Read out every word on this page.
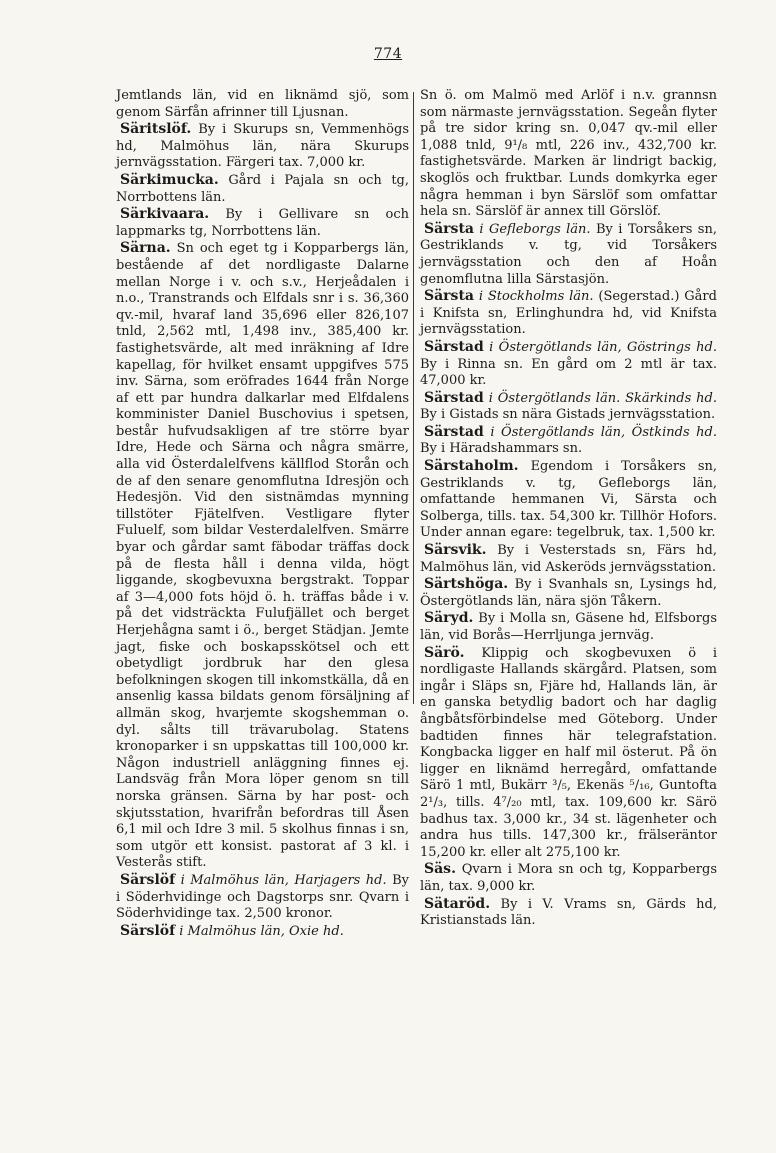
774

Jemtlands län, vid en liknämd sjö, som genom Särfån afrinner till Ljusnan.

Säritslöf. By i Skurups sn, Vemmenhögs hd, Malmöhus län, nära Skurups jernvägsstation. Färgeri tax. 7,000 kr.

Särkimucka. Gård i Pajala sn och tg, Norrbottens län.

Särkivaara. By i Gellivare sn och lappmarks tg, Norrbottens län.

Särna. Sn och eget tg i Kopparbergs län, bestående af det nordligaste Dalarne mellan Norge i v. och s.v., Herjeådalen i n.o., Transtrands och Elfdals snr i s. 36,360 qv.-mil, hvaraf land 35,696 eller 826,107 tnld, 2,562 mtl, 1,498 inv., 385,400 kr. fastighetsvärde, alt med inräkning af Idre kapellag, för hvilket ensamt uppgifves 575 inv. Särna, som eröfrades 1644 från Norge af ett par hundra dalkarlar med Elfdalens komminister Daniel Buschovius i spetsen, består hufvudsakligen af tre större byar Idre, Hede och Särna och några smärre, alla vid Österdalelfvens källflod Storån och de af den senare genomflutna Idresjön och Hedesjön. Vid den sistnämdas mynning tillstöter Fjätelfven. Vestligare flyter Fuluelf, som bildar Vesterdalelfven. Smärre byar och gårdar samt fäbodar träffas dock på de flesta håll i denna vilda, högt liggande, skogbevuxna bergstrakt. Toppar af 3—4,000 fots höjd ö. h. träffas både i v. på det vidsträckta Fulufjället och berget Herjehågna samt i ö., berget Städjan. Jemte jagt, fiske och boskapsskötsel och ett obetydligt jordbruk har den glesa befolkningen skogen till inkomstkälla, då en ansenlig kassa bildats genom försäljning af allmän skog, hvarjemte skogshemman o. dyl. sålts till trävarubolag. Statens kronoparker i sn uppskattas till 100,000 kr. Någon industriell anläggning finnes ej. Landsväg från Mora löper genom sn till norska gränsen. Särna by har post- och skjutsstation, hvarifrån befordras till Åsen 6,1 mil och Idre 3 mil. 5 skolhus finnas i sn, som utgör ett konsist. pastorat af 3 kl. i Vesterås stift.

Särslöf i Malmöhus län, Harjagers hd. By i Söderhvidinge och Dagstorps snr. Qvarn i Söderhvidinge tax. 2,500 kronor.

Särslöf i Malmöhus län, Oxie hd.

Sn ö. om Malmö med Arlöf i n.v. grannsn som närmaste jernvägsstation. Segeån flyter på tre sidor kring sn. 0,047 qv.-mil eller 1,088 tnld, 9¹/₈ mtl, 226 inv., 432,700 kr. fastighetsvärde. Marken är lindrigt backig, skoglös och fruktbar. Lunds domkyrka eger några hemman i byn Särslöf som omfattar hela sn. Särslöf är annex till Görslöf.

Särsta i Gefleborgs län. By i Torsåkers sn, Gestriklands v. tg, vid Torsåkers jernvägsstation och den af Hoån genomflutna lilla Särstasjön.

Särsta i Stockholms län. (Segerstad.) Gård i Knifsta sn, Erlinghundra hd, vid Knifsta jernvägsstation.

Särstad i Östergötlands län, Göstrings hd. By i Rinna sn. En gård om 2 mtl är tax. 47,000 kr.

Särstad i Östergötlands län. Skärkinds hd. By i Gistads sn nära Gistads jernvägsstation.

Särstad i Östergötlands län, Östkinds hd. By i Häradshammars sn.

Särstaholm. Egendom i Torsåkers sn, Gestriklands v. tg, Gefleborgs län, omfattande hemmanen Vi, Särsta och Solberga, tills. tax. 54,300 kr. Tillhör Hofors. Under annan egare: tegelbruk, tax. 1,500 kr.

Särsvik. By i Vesterstads sn, Färs hd, Malmöhus län, vid Askeröds jernvägsstation.

Särtshöga. By i Svanhals sn, Lysings hd, Östergötlands län, nära sjön Tåkern.

Säryd. By i Molla sn, Gäsene hd, Elfsborgs län, vid Borås—Herrljunga jernväg.

Särö. Klippig och skogbevuxen ö i nordligaste Hallands skärgård. Platsen, som ingår i Släps sn, Fjäre hd, Hallands län, är en ganska betydlig badort och har daglig ångbåtsförbindelse med Göteborg. Under badtiden finnes här telegrafstation. Kongbacka ligger en half mil österut. På ön ligger en liknämd herregård, omfattande Särö 1 mtl, Bukärr ³/₅, Ekenäs ⁵/₁₆, Guntofta 2¹/₃, tills. 4⁷/₂₀ mtl, tax. 109,600 kr. Särö badhus tax. 3,000 kr., 34 st. lägenheter och andra hus tills. 147,300 kr., frälseräntor 15,200 kr. eller alt 275,100 kr.

Säs. Qvarn i Mora sn och tg, Kopparbergs län, tax. 9,000 kr.

Sätaröd. By i V. Vrams sn, Gärds hd, Kristianstads län.
